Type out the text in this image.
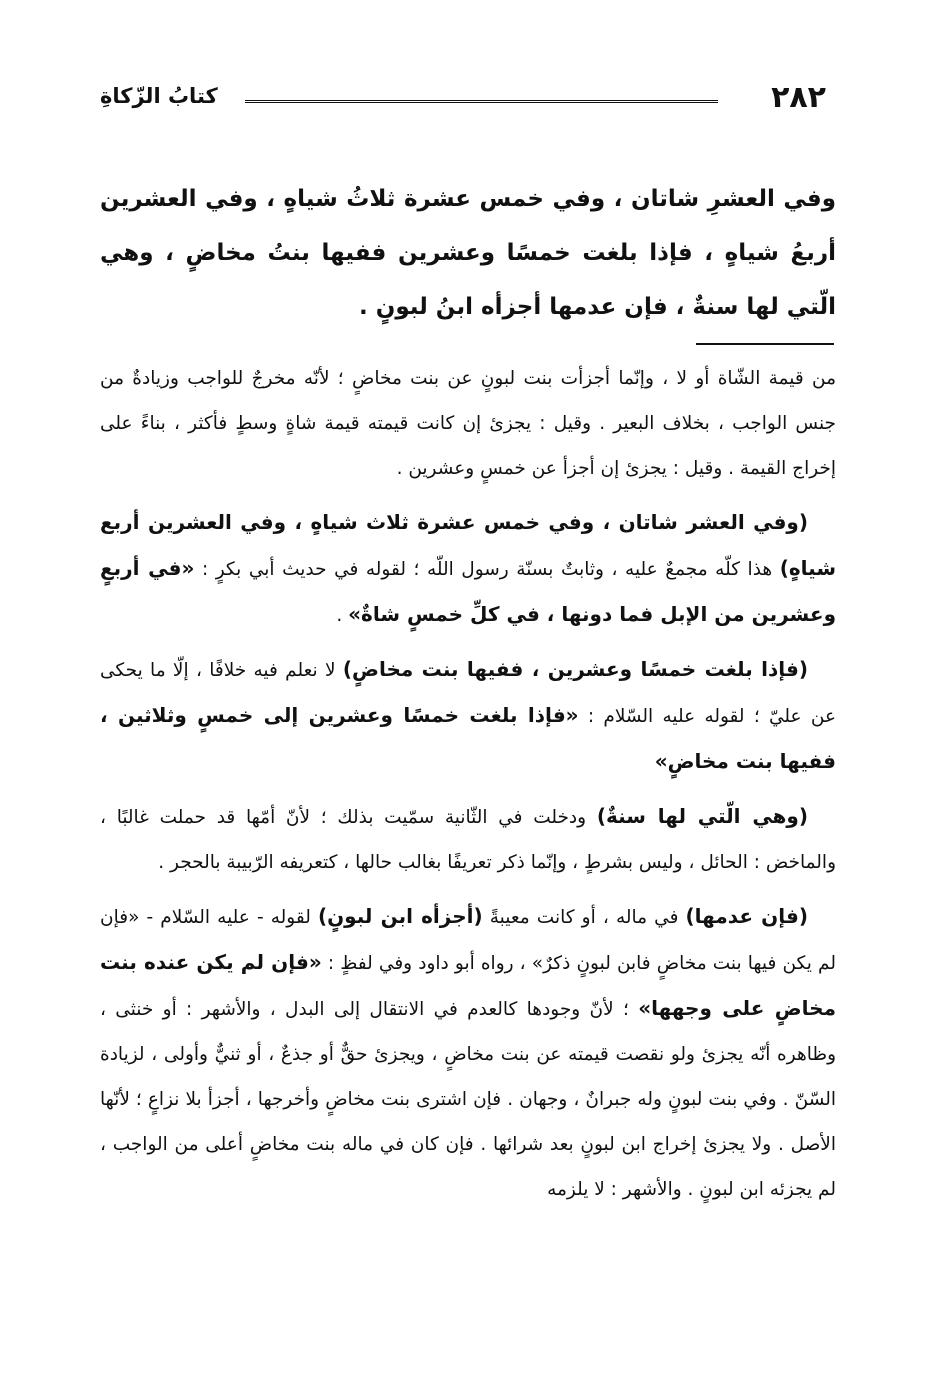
٢٨٢
كتابُ الزّكاةِ
وفي العشرِ شاتان ، وفي خمس عشرة ثلاثُ شياهٍ ، وفي العشرين أربعُ شياهٍ ، فإذا بلغت خمسًا وعشرين ففيها بنتُ مخاضٍ ، وهي الّتي لها سنةٌ ، فإن عدمها أجزأه ابنُ لبونٍ .

من قيمة الشّاة أو لا ، وإنّما أجزأت بنت لبونٍ عن بنت مخاضٍ ؛ لأنّه مخرجٌ للواجب وزيادةٌ من جنس الواجب ، بخلاف البعير . وقيل : يجزئ إن كانت قيمته قيمة شاةٍ وسطٍ فأكثر ، بناءً على إخراج القيمة . وقيل : يجزئ إن أجزأ عن خمسٍ وعشرين .

(وفي العشر شاتان ، وفي خمس عشرة ثلاث شياهٍ ، وفي العشرين أربع شياهٍ) هذا كلّه مجمعٌ عليه ، وثابتٌ بسنّة رسول اللّه ؛ لقوله في حديث أبي بكرٍ : «في أربعٍ وعشرين من الإبل فما دونها ، في كلِّ خمسٍ شاةٌ» .

(فإذا بلغت خمسًا وعشرين ، ففيها بنت مخاضٍ) لا نعلم فيه خلافًا ، إلّا ما يحكى عن عليّ ؛ لقوله عليه السّلام : «فإذا بلغت خمسًا وعشرين إلى خمسٍ وثلاثين ، ففيها بنت مخاضٍ»

(وهي الّتي لها سنةٌ) ودخلت في الثّانية سمّيت بذلك ؛ لأنّ أمّها قد حملت غالبًا ، والماخض : الحائل ، وليس بشرطٍ ، وإنّما ذكر تعريفًا بغالب حالها ، كتعريفه الرّبيبة بالحجر .

(فإن عدمها) في ماله ، أو كانت معيبةً (أجزأه ابن لبونٍ) لقوله - عليه السّلام - «فإن لم يكن فيها بنت مخاضٍ فابن لبونٍ ذكرٌ» ، رواه أبو داود وفي لفظٍ : «فإن لم يكن عنده بنت مخاضٍ على وجهها» ؛ لأنّ وجودها كالعدم في الانتقال إلى البدل ، والأشهر : أو خنثى ، وظاهره أنّه يجزئ ولو نقصت قيمته عن بنت مخاضٍ ، ويجزئ حقٌّ أو جذعٌ ، أو ثنيٌّ وأولى ، لزيادة السّنّ . وفي بنت لبونٍ وله جبرانٌ ، وجهان . فإن اشترى بنت مخاضٍ وأخرجها ، أجزأ بلا نزاعٍ ؛ لأنّها الأصل . ولا يجزئ إخراج ابن لبونٍ بعد شرائها . فإن كان في ماله بنت مخاضٍ أعلى من الواجب ، لم يجزئه ابن لبونٍ . والأشهر : لا يلزمه
